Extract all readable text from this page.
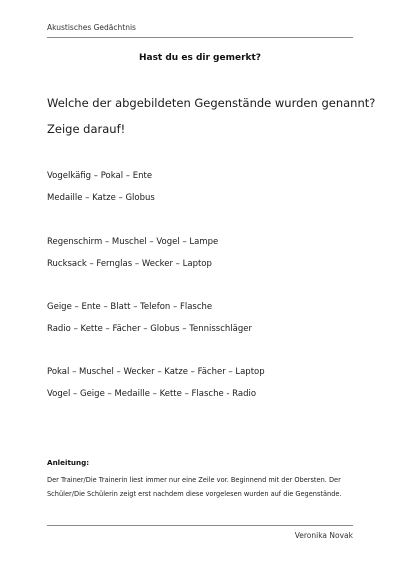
Akustisches Gedächtnis
Hast du es dir gemerkt?
Welche der abgebildeten Gegenstände wurden genannt?
Zeige darauf!
Vogelkäfig – Pokal – Ente
Medaille – Katze – Globus
Regenschirm – Muschel – Vogel – Lampe
Rucksack – Fernglas – Wecker – Laptop
Geige – Ente – Blatt – Telefon – Flasche
Radio – Kette – Fächer – Globus – Tennisschläger
Pokal – Muschel – Wecker – Katze – Fächer – Laptop
Vogel – Geige – Medaille – Kette – Flasche - Radio
Anleitung:
Der Trainer/Die Trainerin liest immer nur eine Zeile vor. Beginnend mit der Obersten. Der Schüler/Die Schülerin zeigt erst nachdem diese vorgelesen wurden auf die Gegenstände.
Veronika Novak
